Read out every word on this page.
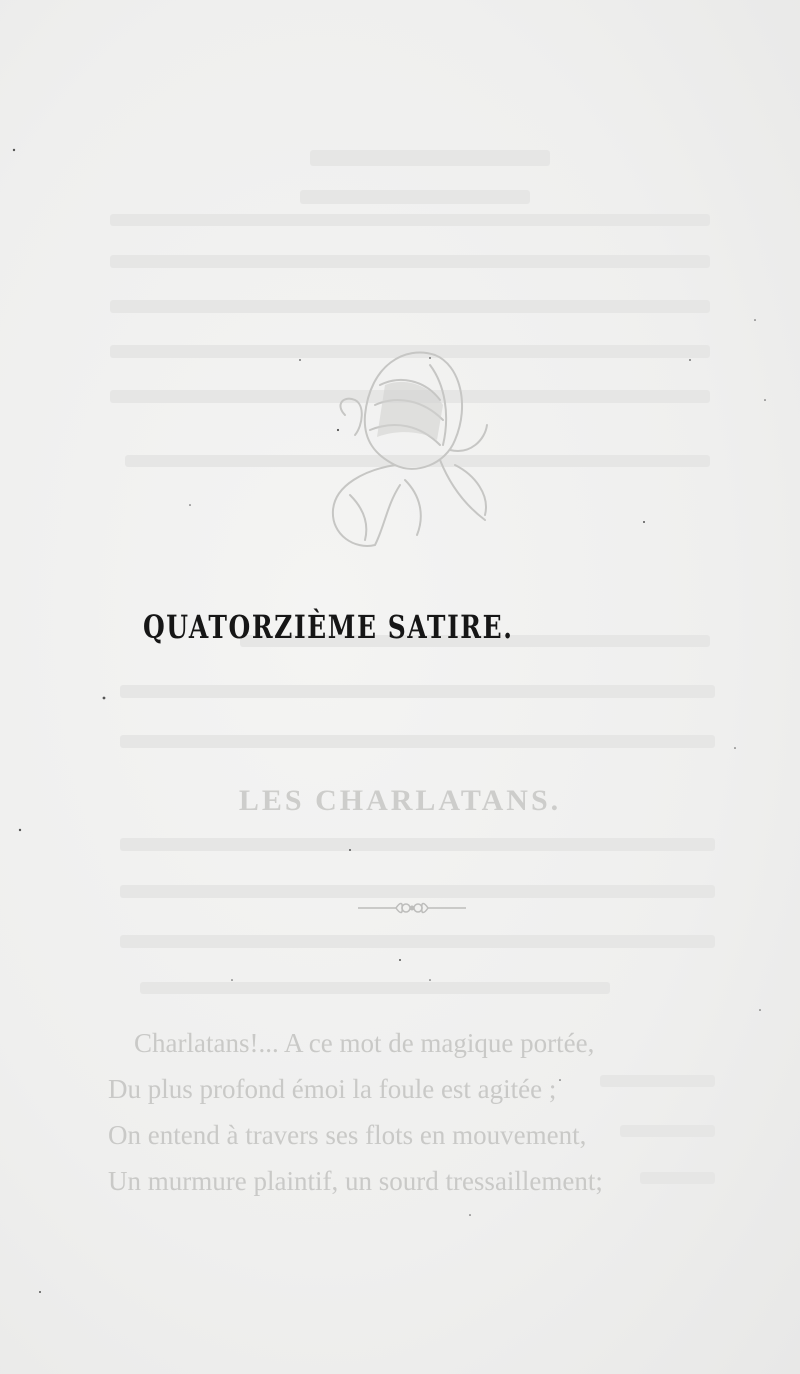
QUATORZIÈME SATIRE.
LES CHARLATANS.

Charlatans!... A ce mot de magique portée,

Du plus profond émoi la foule est agitée ;

On entend à travers ses flots en mouvement,

Un murmure plaintif, un sourd tressaillement;
